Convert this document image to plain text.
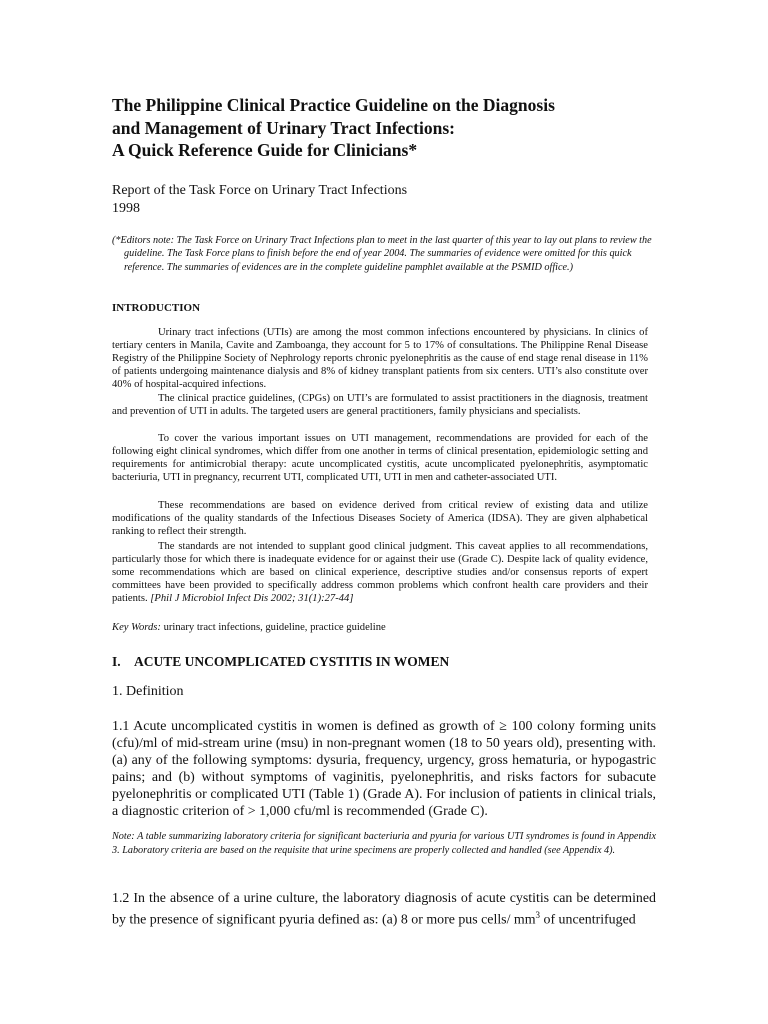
The Philippine Clinical Practice Guideline on the Diagnosis
and Management of Urinary Tract Infections:
A Quick Reference Guide for Clinicians*
Report of the Task Force on Urinary Tract Infections
1998

(*Editors note: The Task Force on Urinary Tract Infections plan to meet in the last quarter of this year to lay out plans to review the guideline. The Task Force plans to finish before the end of year 2004. The summaries of evidence were omitted for this quick reference. The summaries of evidences are in the complete guideline pamphlet available at the PSMID office.)

INTRODUCTION

Urinary tract infections (UTIs) are among the most common infections encountered by physicians. In clinics of tertiary centers in Manila, Cavite and Zamboanga, they account for 5 to 17% of consultations. The Philippine Renal Disease Registry of the Philippine Society of Nephrology reports chronic pyelonephritis as the cause of end stage renal disease in 11% of patients undergoing maintenance dialysis and 8% of kidney transplant patients from six centers. UTI’s also constitute over 40% of hospital-acquired infections.

The clinical practice guidelines, (CPGs) on UTI’s are formulated to assist practitioners in the diagnosis, treatment and prevention of UTI in adults. The targeted users are general practitioners, family physicians and specialists.

To cover the various important issues on UTI management, recommendations are provided for each of the following eight clinical syndromes, which differ from one another in terms of clinical presentation, epidemiologic setting and requirements for antimicrobial therapy: acute uncomplicated cystitis, acute uncomplicated pyelonephritis, asymptomatic bacteriuria, UTI in pregnancy, recurrent UTI, complicated UTI, UTI in men and catheter-associated UTI.

These recommendations are based on evidence derived from critical review of existing data and utilize modifications of the quality standards of the Infectious Diseases Society of America (IDSA). They are given alphabetical ranking to reflect their strength.

The standards are not intended to supplant good clinical judgment. This caveat applies to all recommendations, particularly those for which there is inadequate evidence for or against their use (Grade C). Despite lack of quality evidence, some recommendations which are based on clinical experience, descriptive studies and/or consensus reports of expert committees have been provided to specifically address common problems which confront health care providers and their patients. [Phil J Microbiol Infect Dis 2002; 31(1):27-44]

Key Words: urinary tract infections, guideline, practice guideline
I. ACUTE UNCOMPLICATED CYSTITIS IN WOMEN
1. Definition

1.1 Acute uncomplicated cystitis in women is defined as growth of ≥ 100 colony forming units (cfu)/ml of mid-stream urine (msu) in non-pregnant women (18 to 50 years old), presenting with. (a) any of the following symptoms: dysuria, frequency, urgency, gross hematuria, or hypogastric pains; and (b) without symptoms of vaginitis, pyelonephritis, and risks factors for subacute pyelonephritis or complicated UTI (Table 1) (Grade A). For inclusion of patients in clinical trials, a diagnostic criterion of > 1,000 cfu/ml is recommended (Grade C).

Note: A table summarizing laboratory criteria for significant bacteriuria and pyuria for various UTI syndromes is found in Appendix 3. Laboratory criteria are based on the requisite that urine specimens are properly collected and handled (see Appendix 4).

1.2 In the absence of a urine culture, the laboratory diagnosis of acute cystitis can be determined by the presence of significant pyuria defined as: (a) 8 or more pus cells/ $mm^3$ of uncentrifuged
